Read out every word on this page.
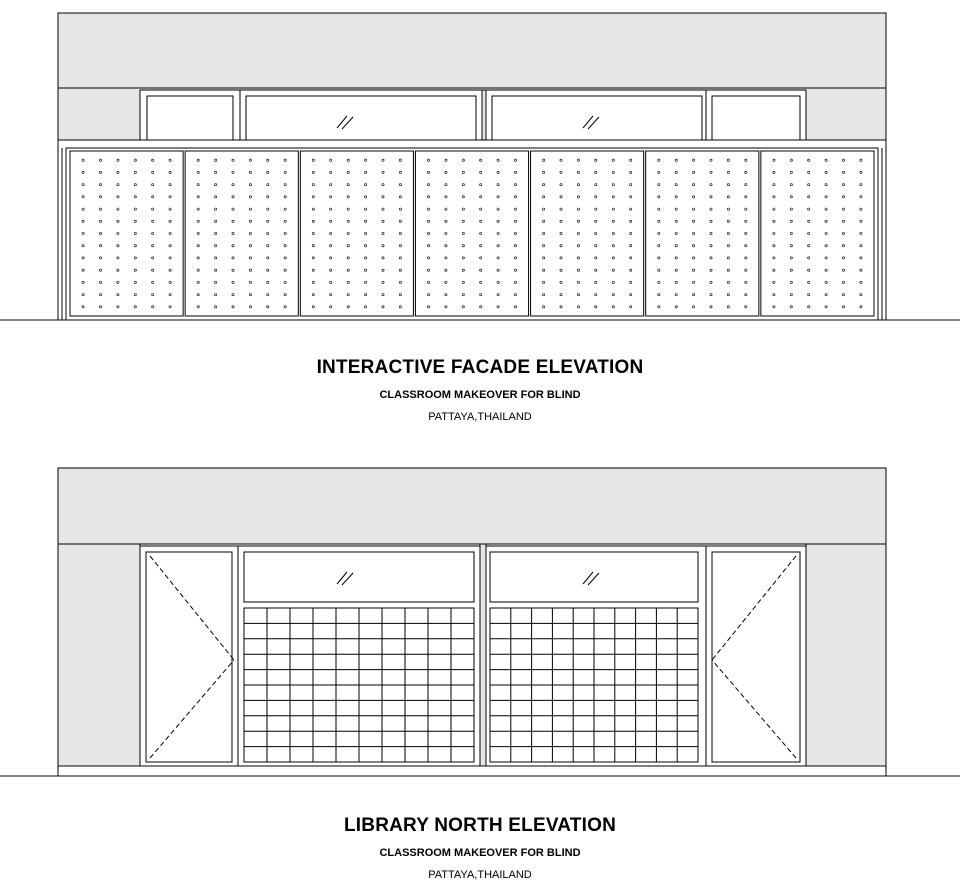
INTERACTIVE FACADE ELEVATION
CLASSROOM MAKEOVER FOR BLIND
PATTAYA,THAILAND
LIBRARY NORTH ELEVATION
CLASSROOM MAKEOVER FOR BLIND
PATTAYA,THAILAND
